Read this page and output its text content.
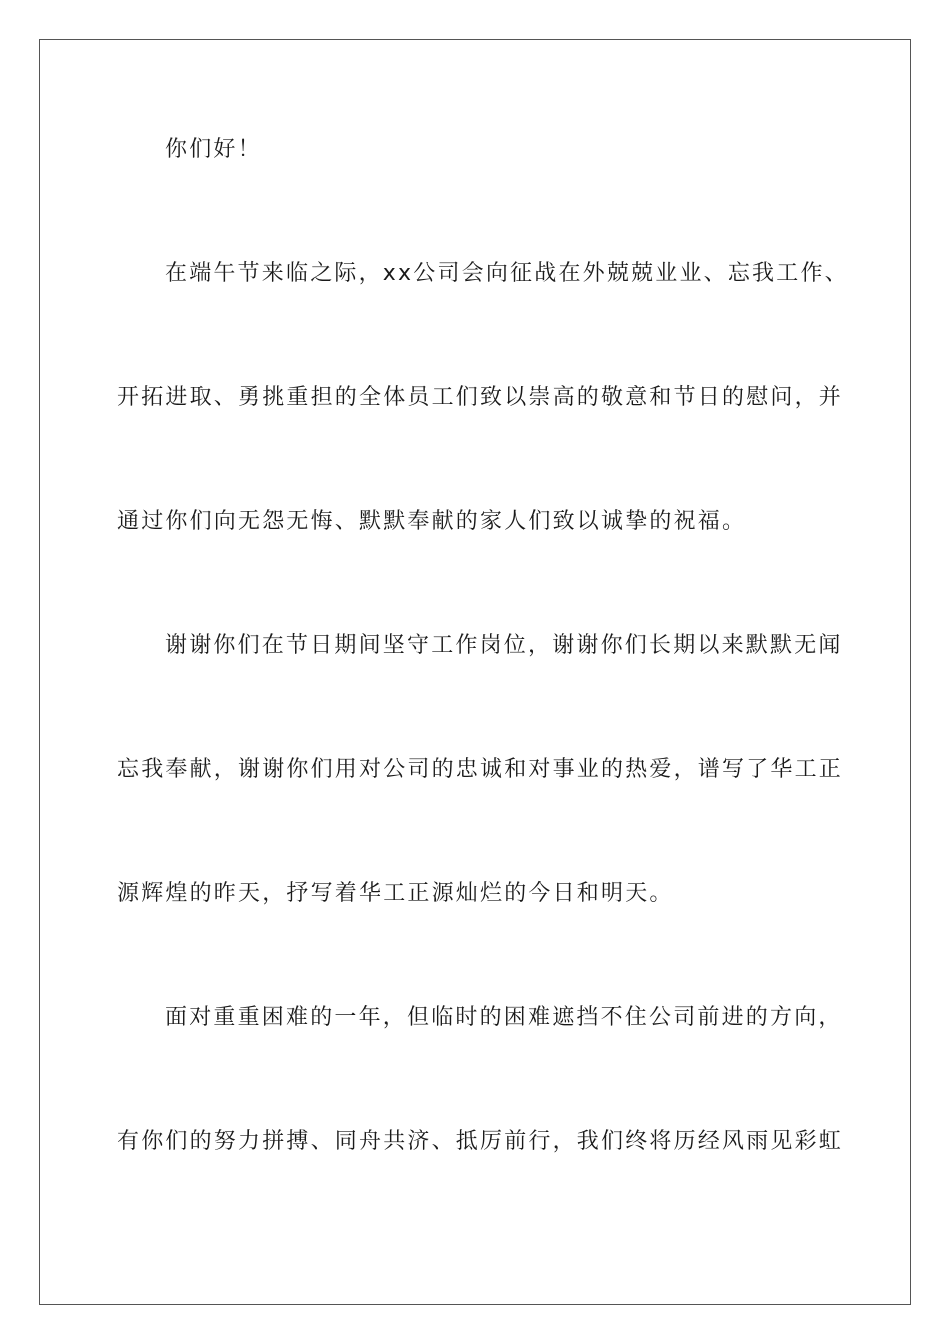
你们好！
在端午节来临之际，xx公司会向征战在外兢兢业业、忘我工作、
开拓进取、勇挑重担的全体员工们致以崇高的敬意和节日的慰问，并
通过你们向无怨无悔、默默奉献的家人们致以诚挚的祝福。
谢谢你们在节日期间坚守工作岗位，谢谢你们长期以来默默无闻
忘我奉献，谢谢你们用对公司的忠诚和对事业的热爱，谱写了华工正
源辉煌的昨天，抒写着华工正源灿烂的今日和明天。
面对重重困难的一年，但临时的困难遮挡不住公司前进的方向，
有你们的努力拼搏、同舟共济、抵厉前行，我们终将历经风雨见彩虹
